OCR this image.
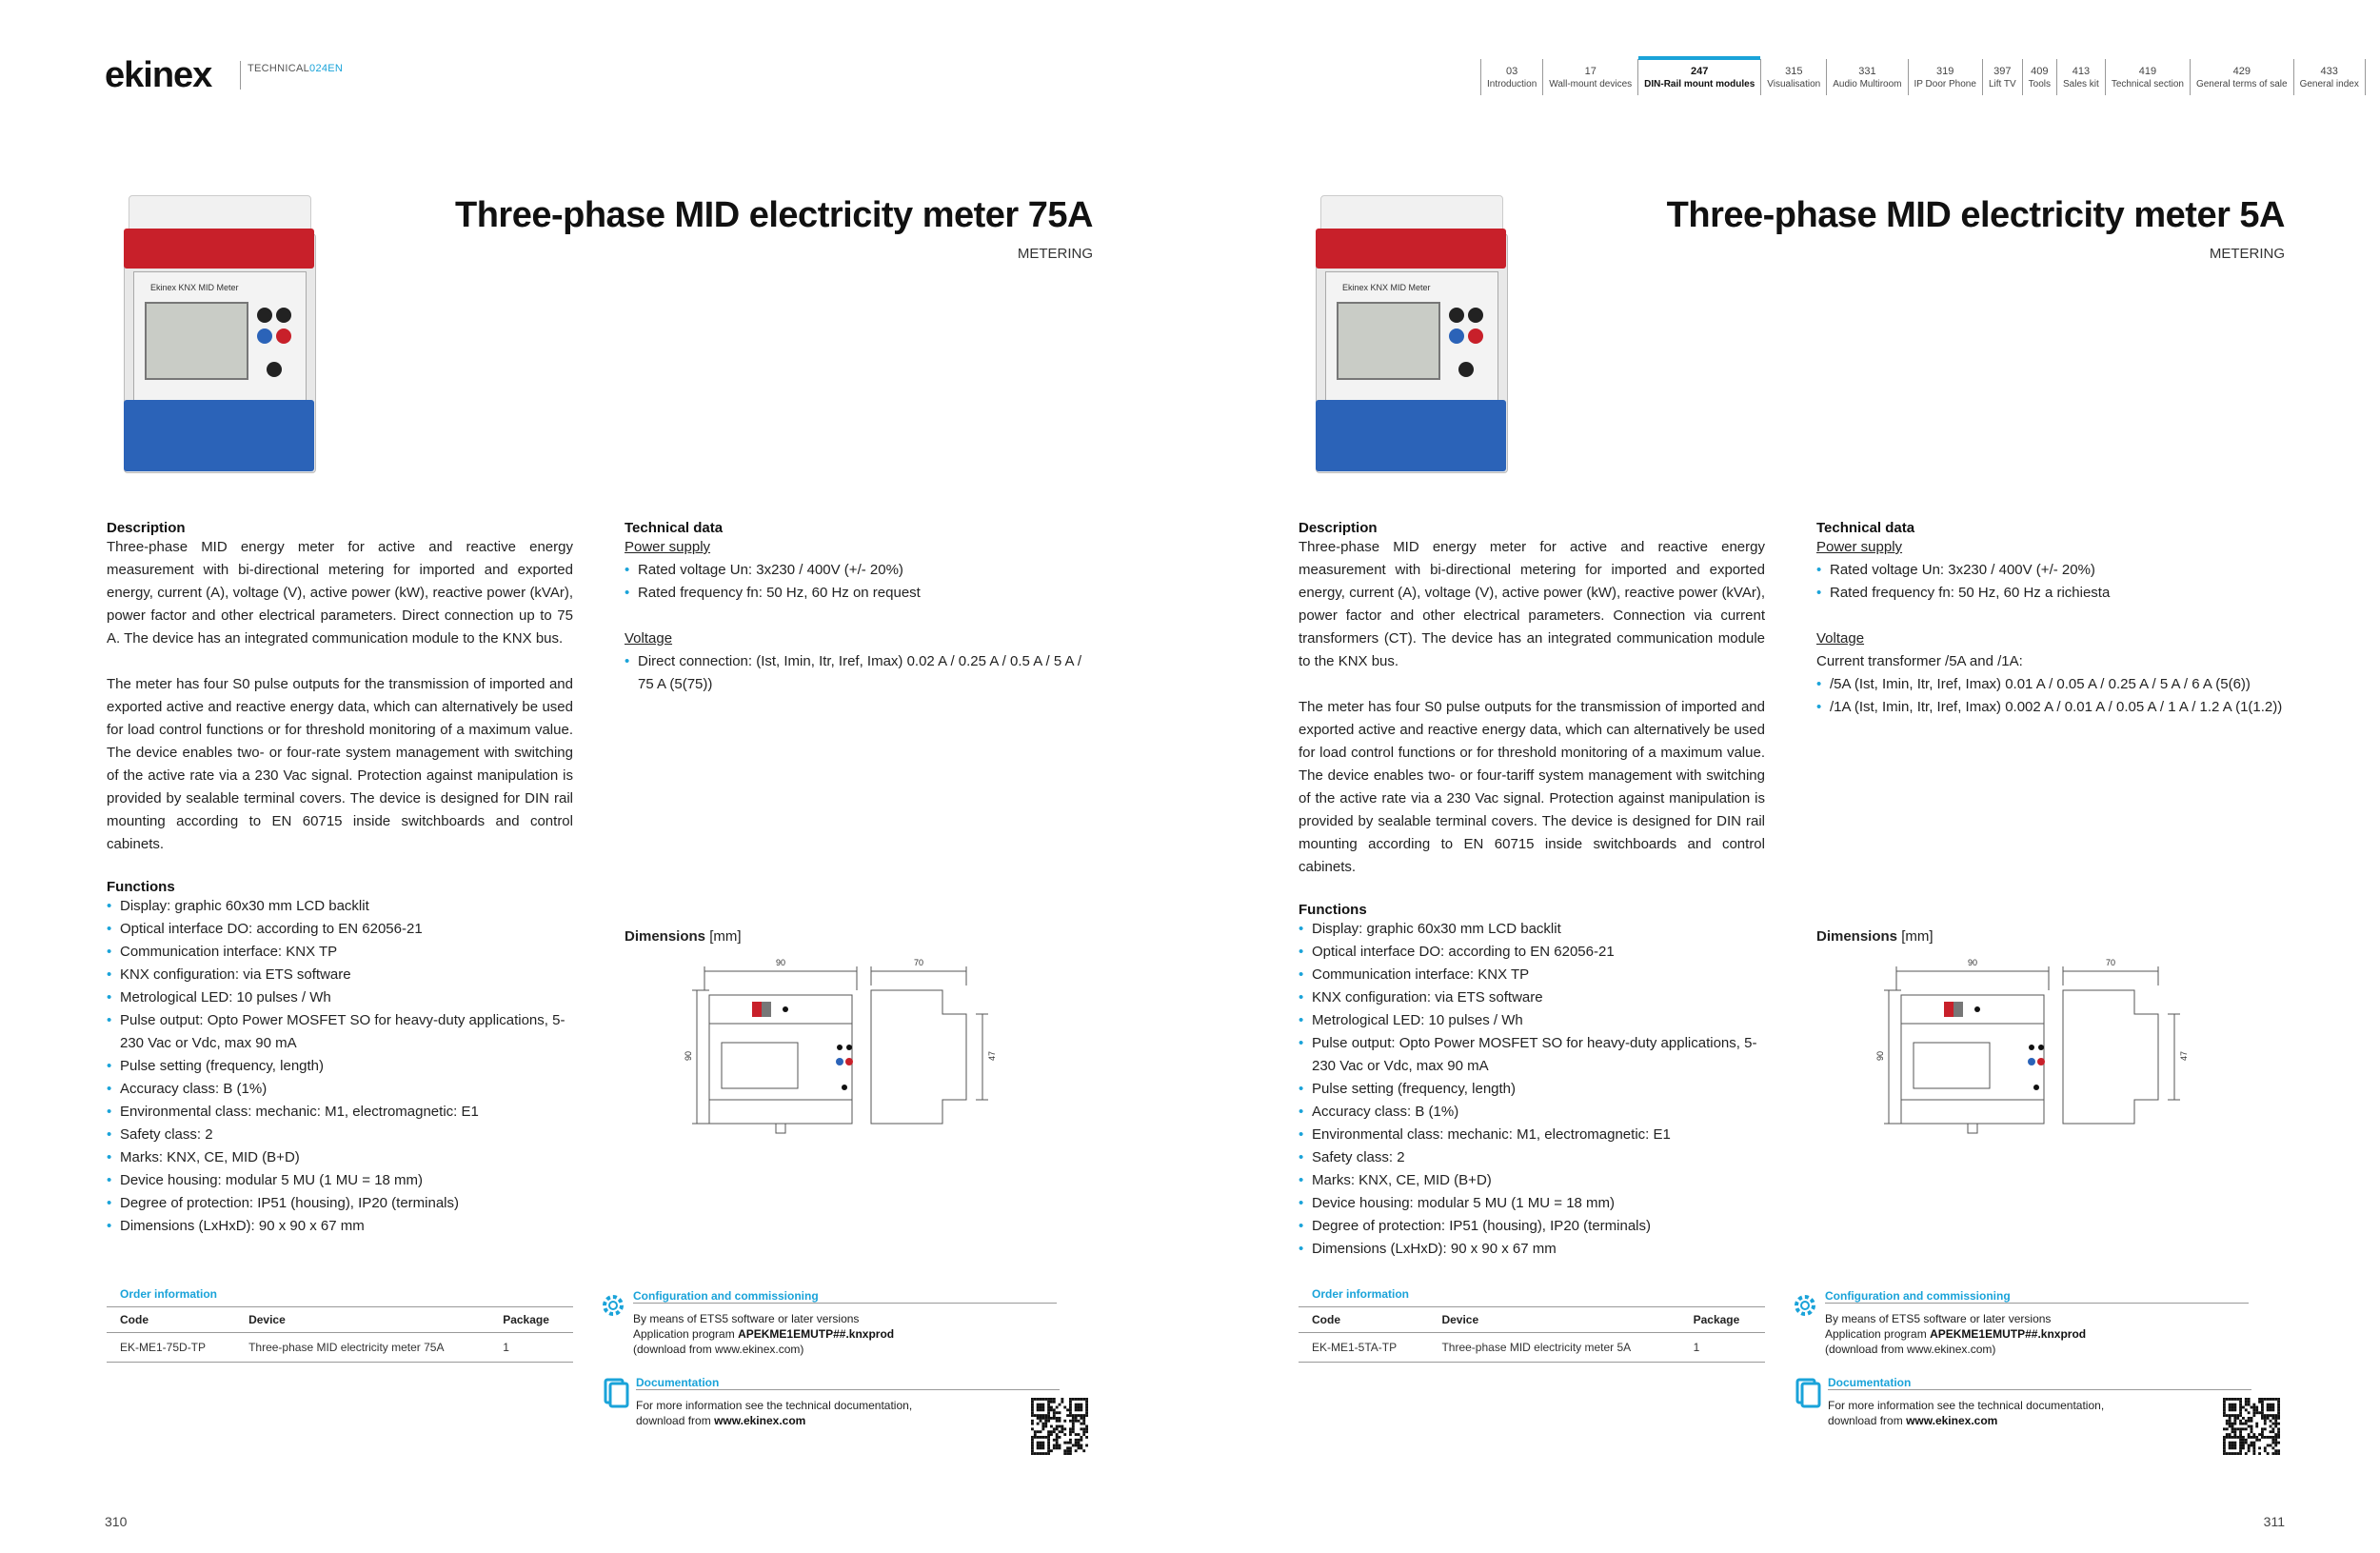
ekinex	TECHNICAL024EN	03
Introduction
17
Wall-mount devices
247
DIN-Rail mount modules
315
Visualisation
331
Audio Multiroom
319
IP Door Phone
397
Lift TV
409
Tools
413
Sales kit
419
Technical section
429
General terms of sale
433
General index
Ekinex KNX MID Meter
Three-phase MID electricity meter 75A
METERING
Description

Three-phase MID energy meter for active and reactive energy measurement with bi-directional metering for imported and exported energy, current (A), voltage (V), active power (kW), reactive power (kVAr), power factor and other electrical parameters. Direct connection up to 75 A. The device has an integrated communication module to the KNX bus.

The meter has four S0 pulse outputs for the transmission of imported and exported active and reactive energy data, which can alternatively be used for load control functions or for threshold monitoring of a maximum value. The device enables two- or four-rate system management with switching of the active rate via a 230 Vac signal. Protection against manipulation is provided by sealable terminal covers. The device is designed for DIN rail mounting according to EN 60715 inside switchboards and control cabinets.

Functions
• Display: graphic 60x30 mm LCD backlit
• Optical interface DO: according to EN 62056-21
• Communication interface: KNX TP
• KNX configuration: via ETS software
• Metrological LED: 10 pulses / Wh
• Pulse output: Opto Power MOSFET SO for heavy-duty applications, 5-230 Vac or Vdc, max 90 mA
• Pulse setting (frequency, length)
• Accuracy class: B (1%)
• Environmental class: mechanic: M1, electromagnetic: E1
• Safety class: 2
• Marks: KNX, CE, MID (B+D)
• Device housing: modular 5 MU (1 MU = 18 mm)
• Degree of protection: IP51 (housing), IP20 (terminals)
• Dimensions (LxHxD): 90 x 90 x 67 mm
Technical data
Power supply
• Rated voltage Un: 3x230 / 400V (+/- 20%)
• Rated frequency fn: 50 Hz, 60 Hz on request
Voltage
• Direct connection: (Ist, Imin, Itr, Iref, Imax) 0.02 A / 0.25 A / 0.5 A / 5 A / 75 A (5(75))
Dimensions [mm]
90	70
90	47
Order information
Code	Device	Package
EK-ME1-75D-TP	Three-phase MID electricity meter 75A	1
Configuration and commissioning
By means of ETS5 software or later versions
Application program APEKME1EMUTP##.knxprod
(download from www.ekinex.com)
Documentation
For more information see the technical documentation,
download from www.ekinex.com
310
Ekinex KNX MID Meter
Three-phase MID electricity meter 5A
METERING
Description

Three-phase MID energy meter for active and reactive energy measurement with bi-directional metering for imported and exported energy, current (A), voltage (V), active power (kW), reactive power (kVAr), power factor and other electrical parameters. Connection via current transformers (CT). The device has an integrated communication module to the KNX bus.

The meter has four S0 pulse outputs for the transmission of imported and exported active and reactive energy data, which can alternatively be used for load control functions or for threshold monitoring of a maximum value. The device enables two- or four-tariff system management with switching of the active rate via a 230 Vac signal. Protection against manipulation is provided by sealable terminal covers. The device is designed for DIN rail mounting according to EN 60715 inside switchboards and control cabinets.

Functions
• Display: graphic 60x30 mm LCD backlit
• Optical interface DO: according to EN 62056-21
• Communication interface: KNX TP
• KNX configuration: via ETS software
• Metrological LED: 10 pulses / Wh
• Pulse output: Opto Power MOSFET SO for heavy-duty applications, 5-230 Vac or Vdc, max 90 mA
• Pulse setting (frequency, length)
• Accuracy class: B (1%)
• Environmental class: mechanic: M1, electromagnetic: E1
• Safety class: 2
• Marks: KNX, CE, MID (B+D)
• Device housing: modular 5 MU (1 MU = 18 mm)
• Degree of protection: IP51 (housing), IP20 (terminals)
• Dimensions (LxHxD): 90 x 90 x 67 mm
Technical data
Power supply
• Rated voltage Un: 3x230 / 400V (+/- 20%)
• Rated frequency fn: 50 Hz, 60 Hz a richiesta
Voltage
Current transformer /5A and /1A:
• /5A (Ist, Imin, Itr, Iref, Imax) 0.01 A / 0.05 A / 0.25 A / 5 A / 6 A (5(6))
• /1A (Ist, Imin, Itr, Iref, Imax) 0.002 A / 0.01 A / 0.05 A / 1 A / 1.2 A (1(1.2))
Dimensions [mm]
90	70
90	47
Order information
Code	Device	Package
EK-ME1-5TA-TP	Three-phase MID electricity meter 5A	1
Configuration and commissioning
By means of ETS5 software or later versions
Application program APEKME1EMUTP##.knxprod
(download from www.ekinex.com)
Documentation
For more information see the technical documentation,
download from www.ekinex.com
311
